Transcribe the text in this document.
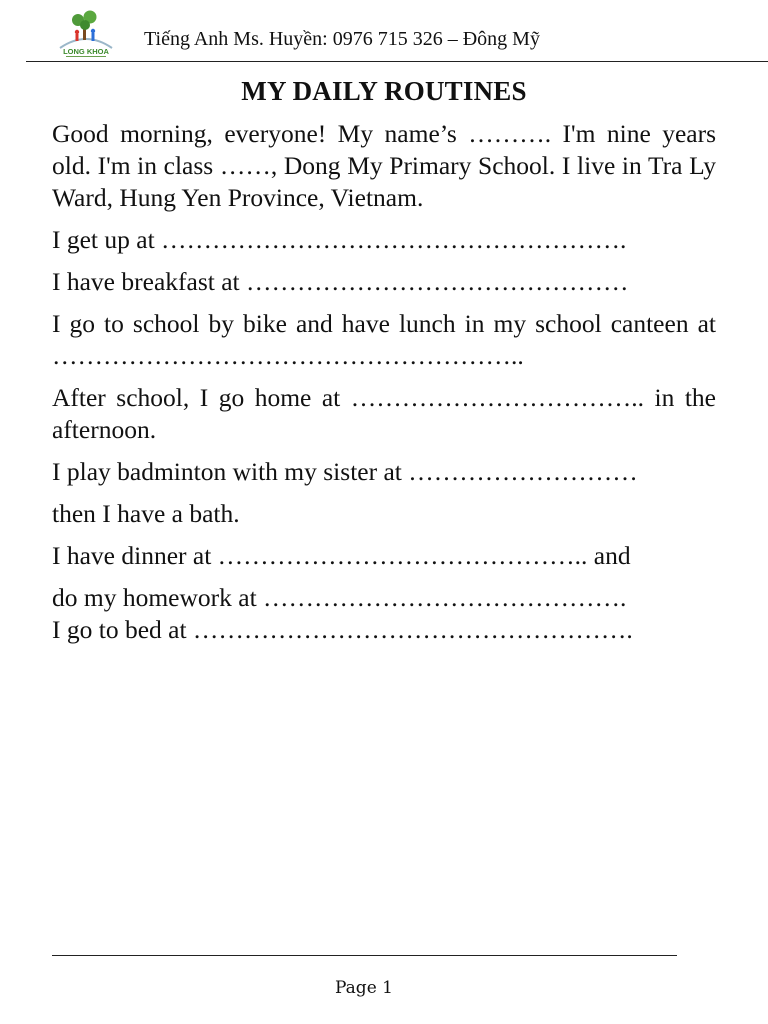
LONG KHOA
Tiếng Anh Ms. Huyền: 0976 715 326 – Đông Mỹ
MY DAILY ROUTINES

Good morning, everyone! My name’s ………. I'm nine years old. I'm in class ……, Dong My Primary School. I live in Tra Ly Ward, Hung Yen Province, Vietnam.

I get up at ……………………………………………….

I have breakfast at ………………………………………

I go to school by bike and have lunch in my school canteen at ………………………………………………..

After school, I go home at …………………………….. in the afternoon.

I play badminton with my sister at ………………………

then I have a bath.

I have dinner at …………………………………….. and

do my homework at …………………………………….

I go to bed at …………………………………………….

Page 1
